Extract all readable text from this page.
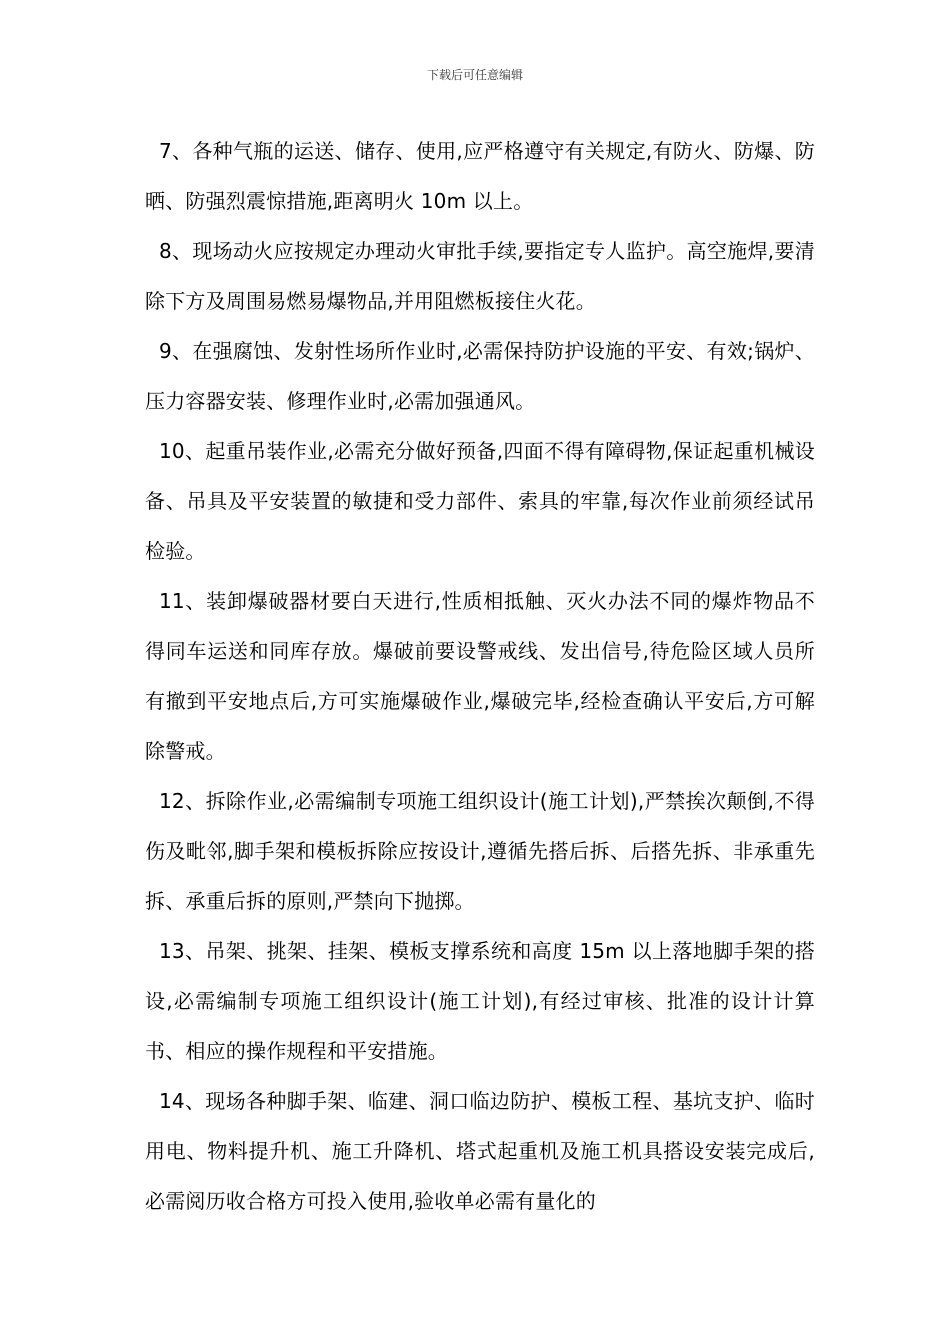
下载后可任意编辑

7、各种气瓶的运送、储存、使用,应严格遵守有关规定,有防火、防爆、防晒、防强烈震惊措施,距离明火 10m 以上。

8、现场动火应按规定办理动火审批手续,要指定专人监护。高空施焊,要清除下方及周围易燃易爆物品,并用阻燃板接住火花。

9、在强腐蚀、发射性场所作业时,必需保持防护设施的平安、有效;锅炉、压力容器安装、修理作业时,必需加强通风。

10、起重吊装作业,必需充分做好预备,四面不得有障碍物,保证起重机械设备、吊具及平安装置的敏捷和受力部件、索具的牢靠,每次作业前须经试吊检验。

11、装卸爆破器材要白天进行,性质相抵触、灭火办法不同的爆炸物品不得同车运送和同库存放。爆破前要设警戒线、发出信号,待危险区域人员所有撤到平安地点后,方可实施爆破作业,爆破完毕,经检查确认平安后,方可解除警戒。

12、拆除作业,必需编制专项施工组织设计(施工计划),严禁挨次颠倒,不得伤及毗邻,脚手架和模板拆除应按设计,遵循先搭后拆、后搭先拆、非承重先拆、承重后拆的原则,严禁向下抛掷。

13、吊架、挑架、挂架、模板支撑系统和高度 15m 以上落地脚手架的搭设,必需编制专项施工组织设计(施工计划),有经过审核、批准的设计计算书、相应的操作规程和平安措施。

14、现场各种脚手架、临建、洞口临边防护、模板工程、基坑支护、临时用电、物料提升机、施工升降机、塔式起重机及施工机具搭设安装完成后,必需阅历收合格方可投入使用,验收单必需有量化的
